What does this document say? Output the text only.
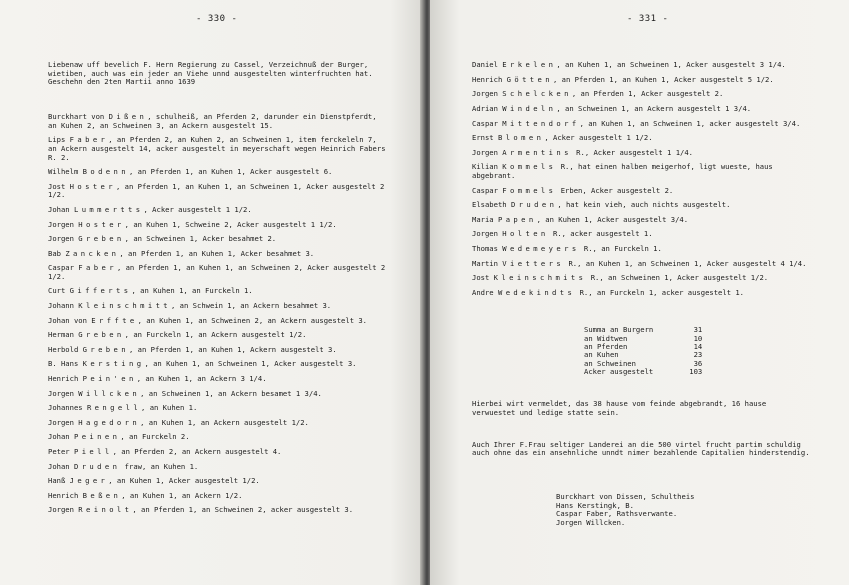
- 330 -

Liebenaw uff bevelich F. Hern Regierung zu Cassel, Verzeichnuß der Burger, wietiben, auch was ein jeder an Viehe unnd ausgestelten winterfruchten hat. Geschehn den 2ten Martii anno 1639

Burckhart von Dißen, schulheiß, an Pferden 2, darunder ein Dienstpferdt, an Kuhen 2, an Schweinen 3, an Ackern ausgestelt 15.
Lips Faber, an Pferden 2, an Kuhen 2, an Schweinen 1, item ferckeleln 7, an Ackern ausgestelt 14, acker ausgestelt in meyerschaft wegen Heinrich Fabers R. 2.
Wilhelm Bodenn, an Pferden 1, an Kuhen 1, Acker ausgestelt 6.
Jost Hoster, an Pferden 1, an Kuhen 1, an Schweinen 1, Acker ausgestelt 2 1/2.
Johan Lummertts, Acker ausgestelt 1 1/2.
Jorgen Hoster, an Kuhen 1, Schweine 2, Acker ausgestelt 1 1/2.
Jorgen Greben, an Schweinen 1, Acker besahmet 2.
Bab Zancken, an Pferden 1, an Kuhen 1, Acker besahmet 3.
Caspar Faber, an Pferden 1, an Kuhen 1, an Schweinen 2, Acker ausgestelt 2 1/2.
Curt Gifferts, an Kuhen 1, an Furckeln 1.
Johann Kleinschmitt, an Schwein 1, an Ackern besahmet 3.
Johan von Erffte, an Kuhen 1, an Schweinen 2, an Ackern ausgestelt 3.
Herman Greben, an Furckeln 1, an Ackern ausgestelt 1/2.
Herbold Greben, an Pferden 1, an Kuhen 1, Ackern ausgestelt 3.
B. Hans Kersting, an Kuhen 1, an Schweinen 1, Acker ausgestelt 3.
Henrich Pein'en, an Kuhen 1, an Ackern 3 1/4.
Jorgen Willcken, an Schweinen 1, an Ackern besamet 1 3/4.
Johannes Rengell, an Kuhen 1.
Jorgen Hagedorn, an Kuhen 1, an Ackern ausgestelt 1/2.
Johan Peinen, an Furckeln 2.
Peter Piell, an Pferden 2, an Ackern ausgestelt 4.
Johan Druden fraw, an Kuhen 1.
Hanß Jeger, an Kuhen 1, Acker ausgestelt 1/2.
Henrich Beßen, an Kuhen 1, an Ackern 1/2.
Jorgen Reinolt, an Pferden 1, an Schweinen 2, acker ausgestelt 3.

- 331 -

Daniel Erkelen, an Kuhen 1, an Schweinen 1, Acker ausgestelt 3 1/4.
Henrich Götten, an Pferden 1, an Kuhen 1, Acker ausgestelt 5 1/2.
Jorgen Schelcken, an Pferden 1, Acker ausgestelt 2.
Adrian Windeln, an Schweinen 1, an Ackern ausgestelt 1 3/4.
Caspar Mittendorf, an Kuhen 1, an Schweinen 1, acker ausgestelt 3/4.
Ernst Blomen, Acker ausgestelt 1 1/2.
Jorgen Armentins R., Acker ausgestelt 1 1/4.
Kilian Kommels R., hat einen halben meigerhof, ligt wueste, haus abgebrant.
Caspar Fommels Erben, Acker ausgestelt 2.
Elsabeth Druden, hat kein vieh, auch nichts ausgestelt.
Maria Papen, an Kuhen 1, Acker ausgestelt 3/4.
Jorgen Holten R., acker ausgestelt 1.
Thomas Wedemeyers R., an Furckeln 1.
Martin Vietters R., an Kuhen 1, an Schweinen 1, Acker ausgestelt 4 1/4.
Jost Kleinschmits R., an Schweinen 1, Acker ausgestelt 1/2.
Andre Wedekindts R., an Furckeln 1, acker ausgestelt 1.

Summa an Burgern	31
an Widtwen	10
an Pferden	14
an Kuhen	23
an Schweinen	36
Acker ausgestelt	103

Hierbei wirt vermeldet, das 38 hause vom feinde abgebrandt, 16 hause verwuestet und ledige statte sein.

Auch Ihrer F.Frau seltiger Landerei an die 500 virtel frucht partim schuldig auch ohne das ein ansehnliche unndt nimer bezahlende Capitalien hinderstendig.

Burckhart von Dissen, Schultheis
Hans Kerstingk, B.
Caspar Faber, Rathsverwante.
Jorgen Willcken.
